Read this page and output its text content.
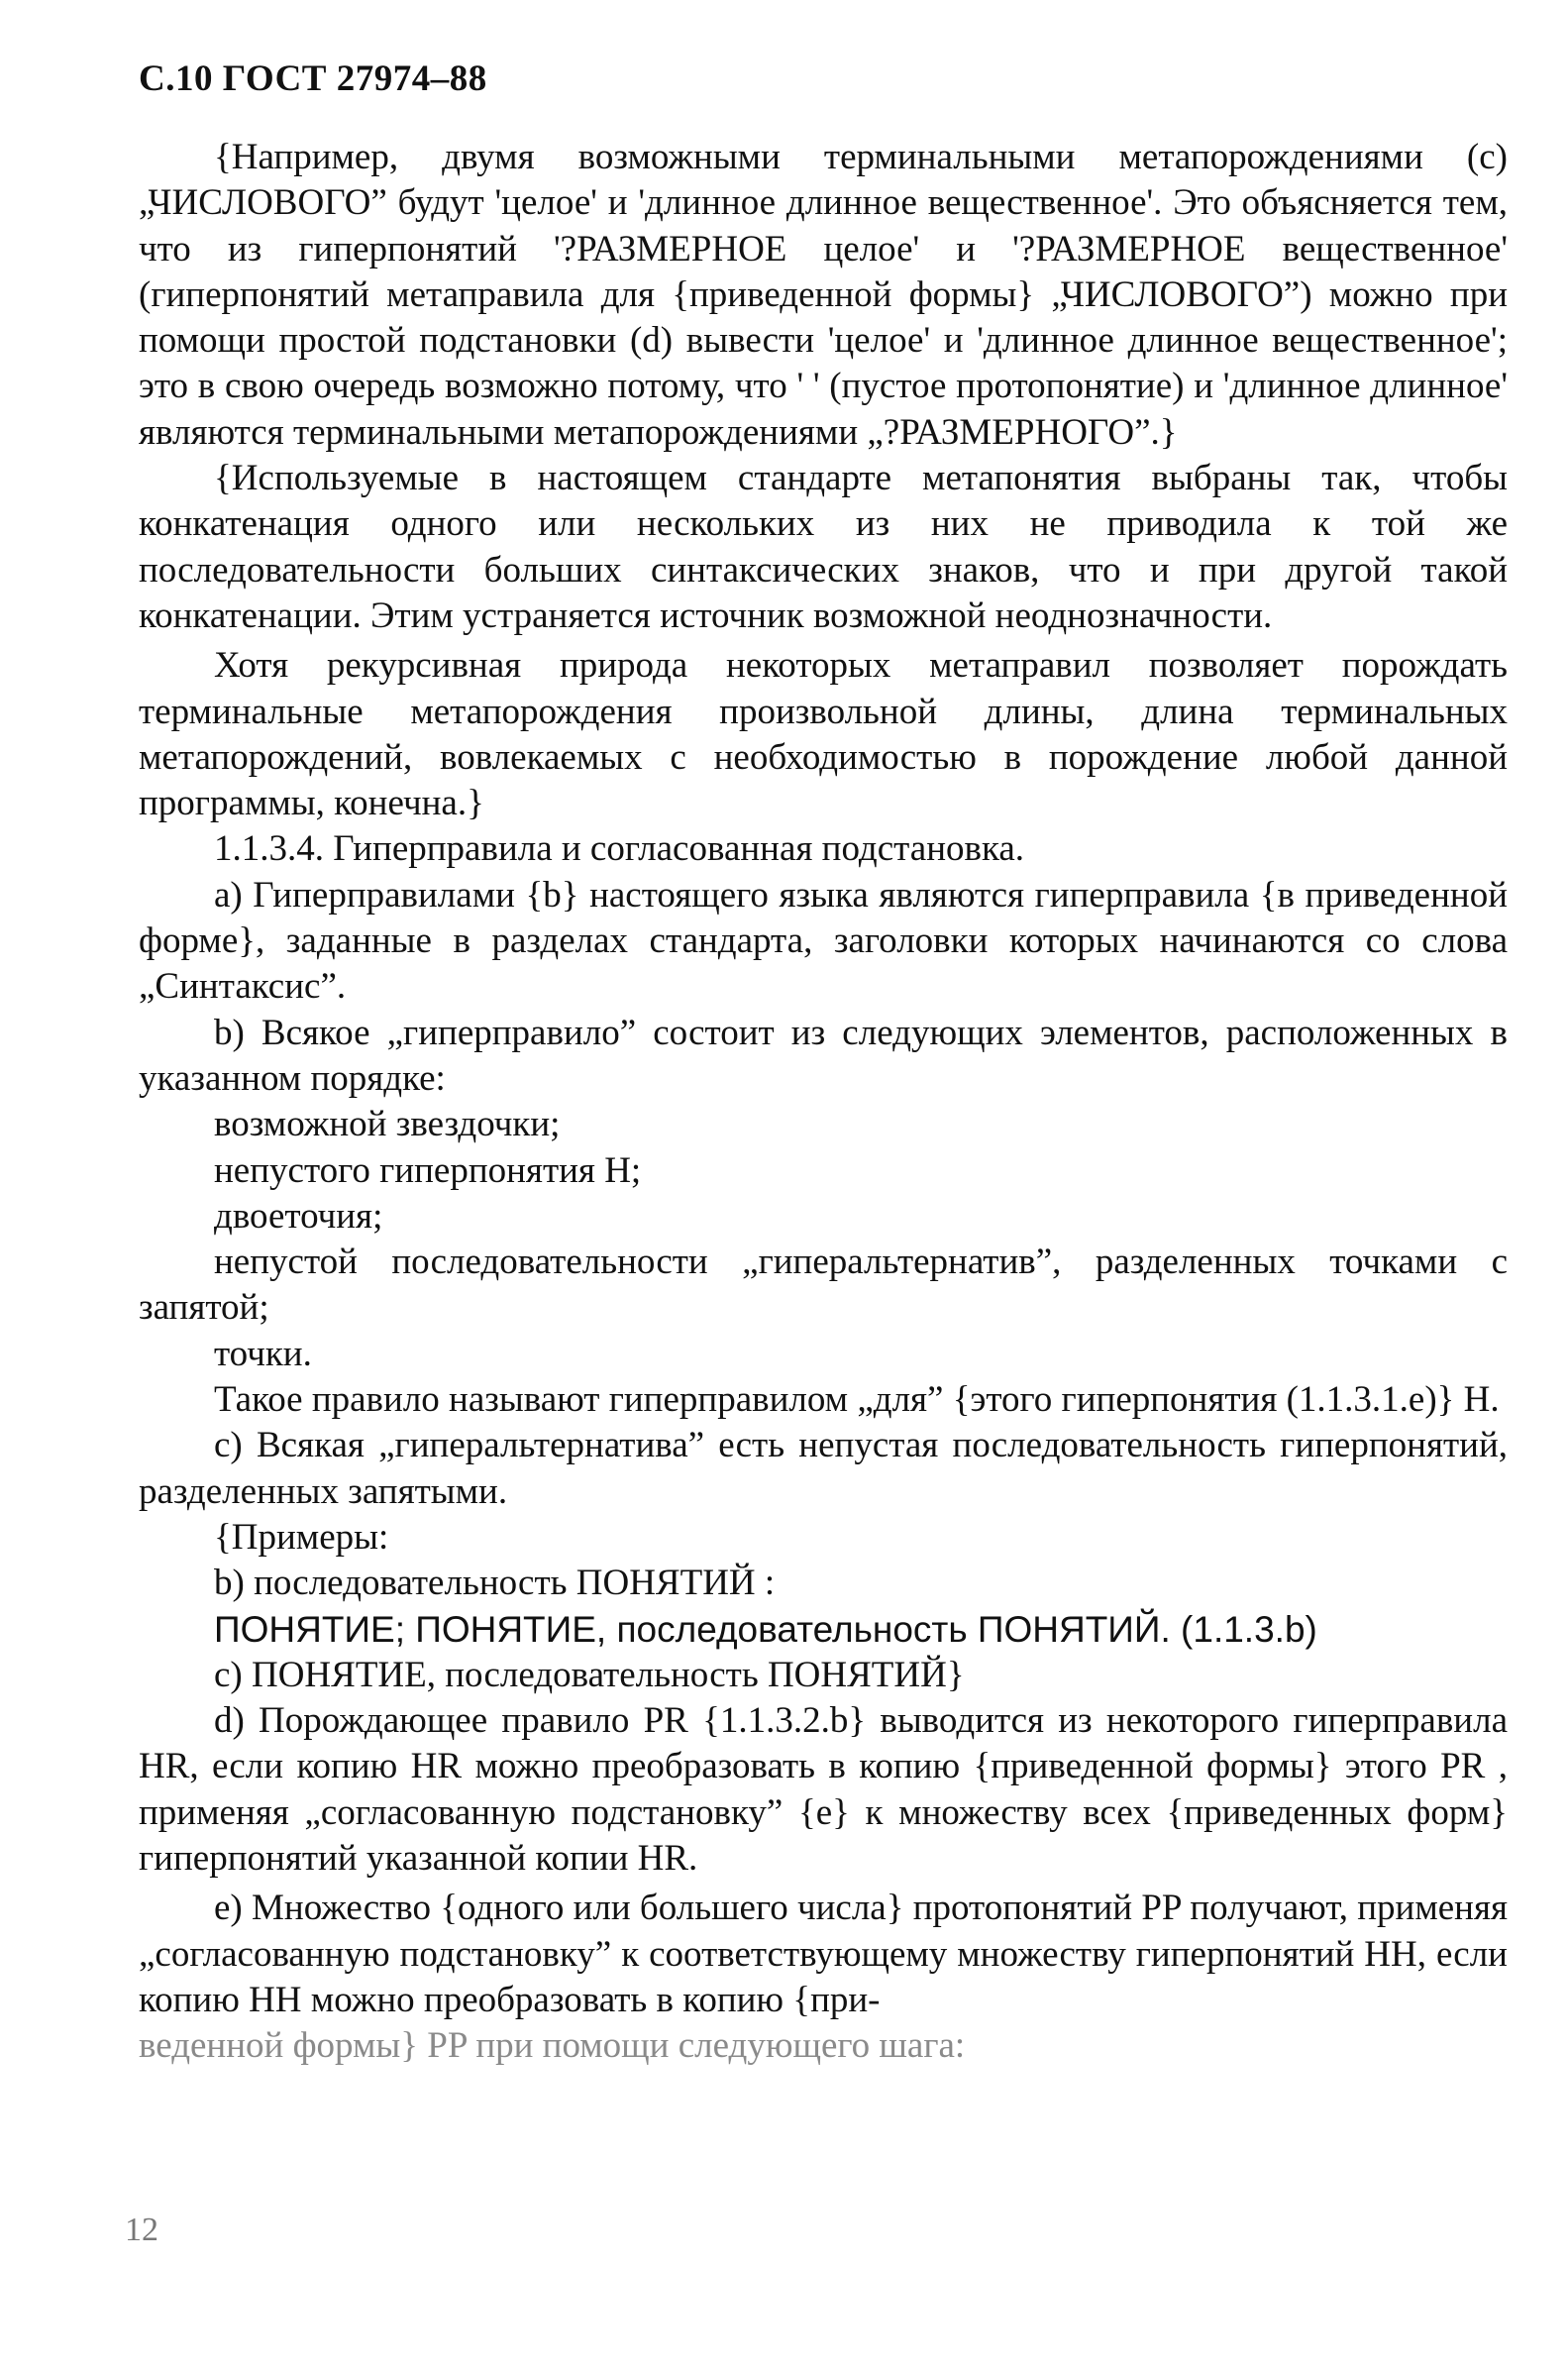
С.10 ГОСТ 27974–88

{Например, двумя возможными терминальными метапорождениями (с) „ЧИСЛОВОГО” будут 'целое' и 'длинное длинное вещественное'. Это объясняется тем, что из гиперпонятий '?РАЗМЕРНОЕ целое' и '?РАЗМЕРНОЕ вещественное' (гиперпонятий метаправила для {приведенной формы} „ЧИСЛОВОГО”) можно при помощи простой подстановки (d) вывести 'целое' и 'длинное длинное вещественное'; это в свою очередь возможно потому, что ' ' (пустое протопонятие) и 'длинное длинное' являются терминальными метапорождениями „?РАЗМЕРНОГО”.}

{Используемые в настоящем стандарте метапонятия выбраны так, чтобы конкатенация одного или нескольких из них не приводила к той же последовательности больших синтаксических знаков, что и при другой такой конкатенации. Этим устраняется источник возможной неоднозначности.

Хотя рекурсивная природа некоторых метаправил позволяет порождать терминальные метапорождения произвольной длины, длина терминальных метапорождений, вовлекаемых с необходимостью в порождение любой данной программы, конечна.}

1.1.3.4. Гиперправила и согласованная подстановка.

a) Гиперправилами {b} настоящего языка являются гиперправила {в приведенной форме}, заданные в разделах стандарта, заголовки которых начинаются со слова „Синтаксис”.

b) Всякое „гиперправило” состоит из следующих элементов, расположенных в указанном порядке:

возможной звездочки;

непустого гиперпонятия H;

двоеточия;

непустой последовательности „гиперальтернатив”, разделенных точками с запятой;

точки.

Такое правило называют гиперправилом „для” {этого гиперпонятия (1.1.3.1.e)} H.

c) Всякая „гиперальтернатива” есть непустая последовательность гиперпонятий, разделенных запятыми.

{Примеры:

b) последовательность ПОНЯТИЙ :

ПОНЯТИЕ; ПОНЯТИЕ, последовательность ПОНЯТИЙ. (1.1.3.b)

c) ПОНЯТИЕ, последовательность ПОНЯТИЙ}

d) Порождающее правило PR {1.1.3.2.b} выводится из некоторого гиперправила HR, если копию HR можно преобразовать в копию {приведенной формы} этого PR , применяя „согласованную подстановку” {e} к множеству всех {приведенных форм} гиперпонятий указанной копии HR.

e) Множество {одного или большего числа} протопонятий PP получают, применяя „согласованную подстановку” к соответствующему множеству гиперпонятий HH, если копию HH можно преобразовать в копию {при-

веденной формы} PP при помощи следующего шага:

12
